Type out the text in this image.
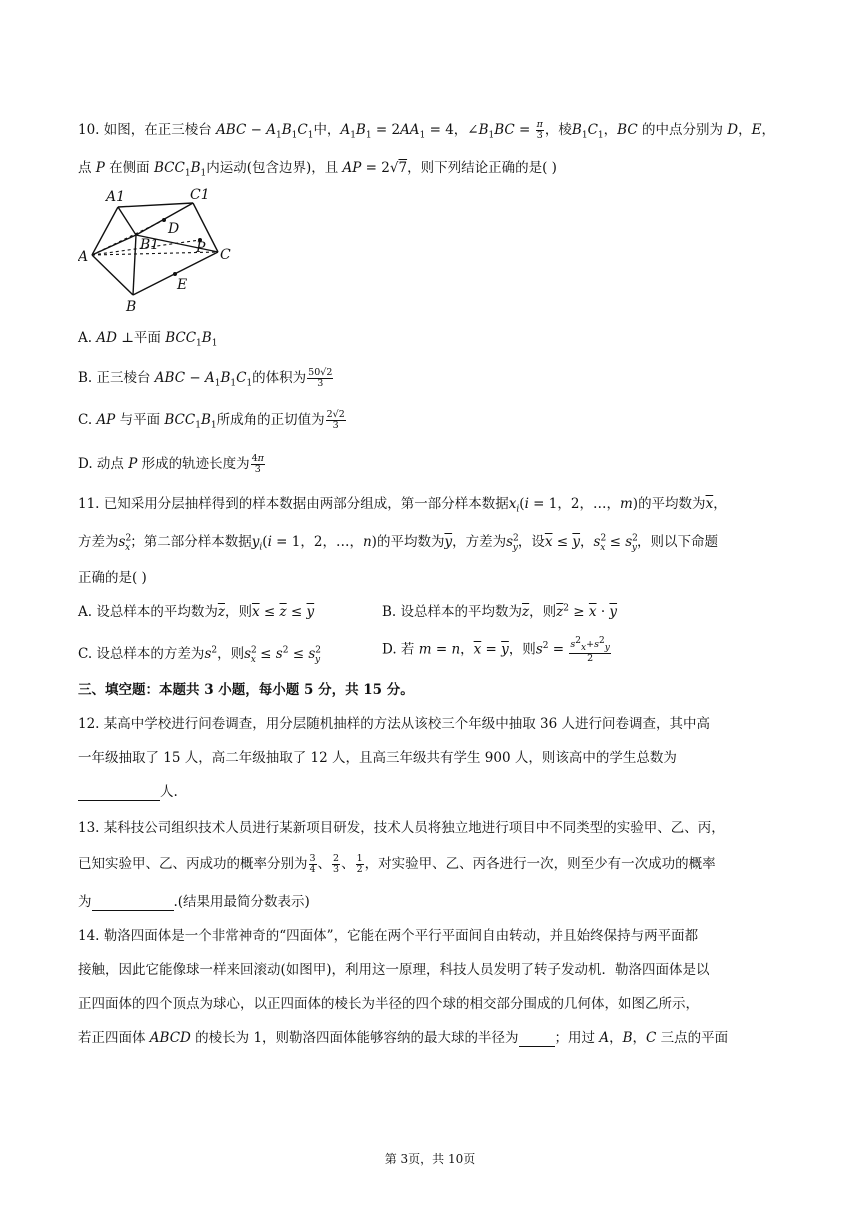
10. 如图，在正三棱台 ABC − $A_1B_1C_1$中，$A_1B_1 = 2AA_1 = 4$，$\angle B_1BC = \frac{\pi}{3}$ ，棱$B_1C_1$，BC 的中点分别为 D，E，
点 P 在侧面 $BCC_1B_1$内运动(包含边界)，且 AP = 2√7，则下列结论正确的是( )
A1	C1
D
B1	P
A	C
E
B
A. AD ⊥平面 $BCC_1B_1$
B. 正三棱台 ABC − $A_1B_1C_1$的体积为 $\frac{50√2}{3}$
C. AP 与平面 $BCC_1B_1$所成角的正切值为 $\frac{2√2}{3}$
D. 动点 P 形成的轨迹长度为 $\frac{4\pi}{3}$
11. 已知采用分层抽样得到的样本数据由两部分组成，第一部分样本数据$x_i(i = 1$，2，…，m)的平均数为$\overline{x}$，
方差为$s^2_x$；第二部分样本数据$y_i(i = 1$，2，…，n)的平均数为$\overline{y}$，方差为$s^2_y$，设$\overline{x} \le \overline{y}$，$s^2_x \le s^2_y$，则以下命题
正确的是( )
A. 设总样本的平均数为$\overline{z}$，则$\overline{x} \le \overline{z} \le \overline{y}$	B. 设总样本的平均数为$\overline{z}$，则$\overline{z}^2 \ge \overline{x} \cdot \overline{y}$
C. 设总样本的方差为$s^2$，则$s^2_x \le s^2 \le s^2_y$
D. 若 m = n，$\overline{x} = \overline{y}$，则$s^2 = \frac{s^2_x+s^2_y}{2}$
三、填空题：本题共 3 小题，每小题 5 分，共 15 分。
12. 某高中学校进行问卷调查，用分层随机抽样的方法从该校三个年级中抽取 36 人进行问卷调查，其中高
一年级抽取了 15 人，高二年级抽取了 12 人，且高三年级共有学生 900 人，则该高中的学生总数为
人.
13. 某科技公司组织技术人员进行某新项目研发，技术人员将独立地进行项目中不同类型的实验甲、乙、丙，
已知实验甲、乙、丙成功的概率分别为 $\frac{3}{4}$ 、 $\frac{2}{3}$ 、 $\frac{1}{2}$ ，对实验甲、乙、丙各进行一次，则至少有一次成功的概率
为	.(结果用最简分数表示)
14. 勒洛四面体是一个非常神奇的“四面体”，它能在两个平行平面间自由转动，并且始终保持与两平面都
接触，因此它能像球一样来回滚动(如图甲)，利用这一原理，科技人员发明了转子发动机．勒洛四面体是以
正四面体的四个顶点为球心，以正四面体的棱长为半径的四个球的相交部分围成的几何体，如图乙所示，
若正四面体 ABCD 的棱长为 1，则勒洛四面体能够容纳的最大球的半径为	；用过 A，B，C 三点的平面
第 3页，共 10页
